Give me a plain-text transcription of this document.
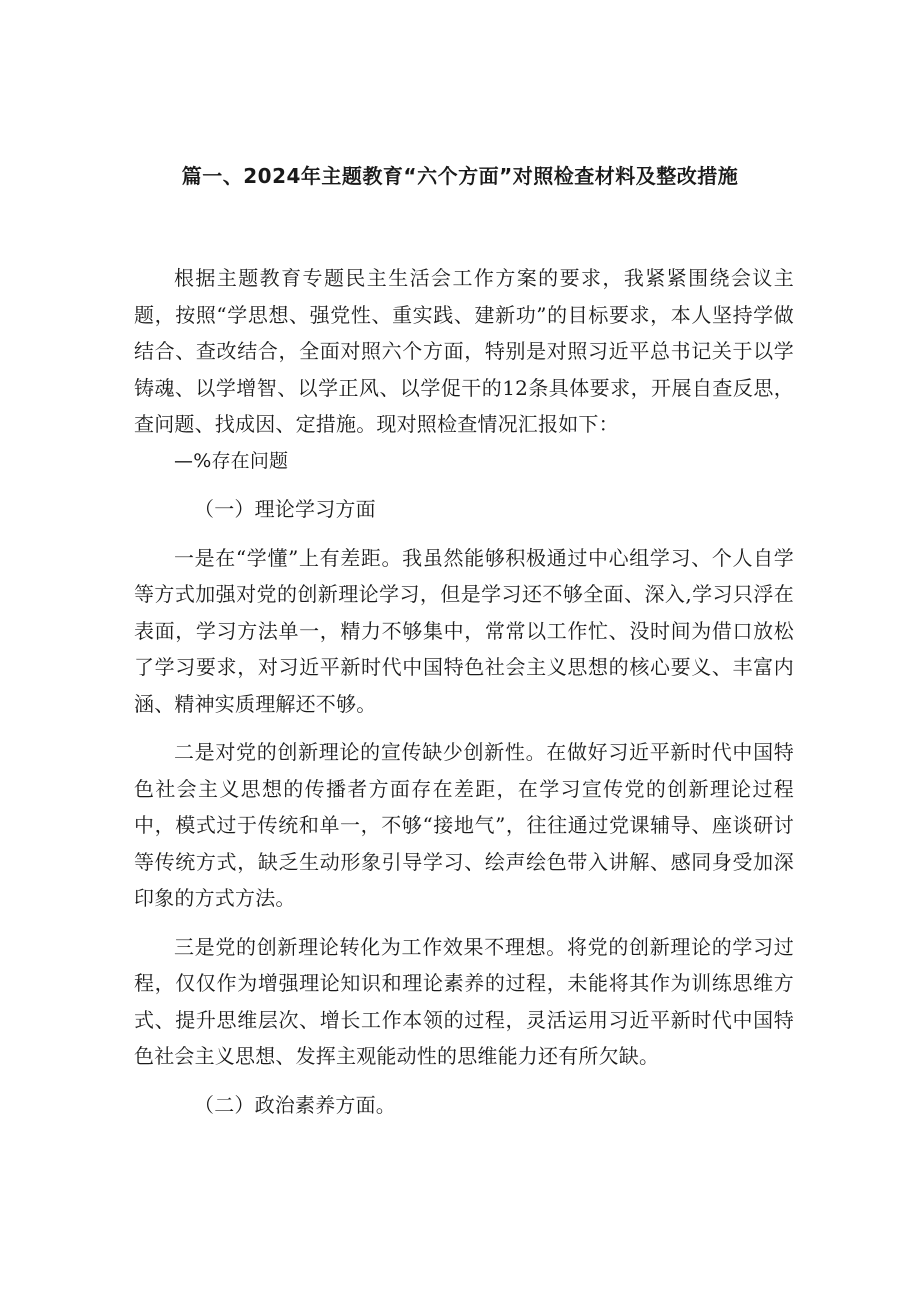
篇一、2024年主题教育“六个方面”对照检查材料及整改措施

根据主题教育专题民主生活会工作方案的要求，我紧紧围绕会议主题，按照“学思想、强党性、重实践、建新功”的目标要求，本人坚持学做结合、查改结合，全面对照六个方面，特别是对照习近平总书记关于以学铸魂、以学增智、以学正风、以学促干的12条具体要求，开展自查反思，查问题、找成因、定措施。现对照检查情况汇报如下：

—%存在问题

（一）理论学习方面

一是在“学懂”上有差距。我虽然能够积极通过中心组学习、个人自学等方式加强对党的创新理论学习，但是学习还不够全面、深入,学习只浮在表面，学习方法单一，精力不够集中，常常以工作忙、没时间为借口放松了学习要求，对习近平新时代中国特色社会主义思想的核心要义、丰富内涵、精神实质理解还不够。

二是对党的创新理论的宣传缺少创新性。在做好习近平新时代中国特色社会主义思想的传播者方面存在差距，在学习宣传党的创新理论过程中，模式过于传统和单一，不够“接地气”，往往通过党课辅导、座谈研讨等传统方式，缺乏生动形象引导学习、绘声绘色带入讲解、感同身受加深印象的方式方法。

三是党的创新理论转化为工作效果不理想。将党的创新理论的学习过程，仅仅作为增强理论知识和理论素养的过程，未能将其作为训练思维方式、提升思维层次、增长工作本领的过程，灵活运用习近平新时代中国特色社会主义思想、发挥主观能动性的思维能力还有所欠缺。

（二）政治素养方面。
